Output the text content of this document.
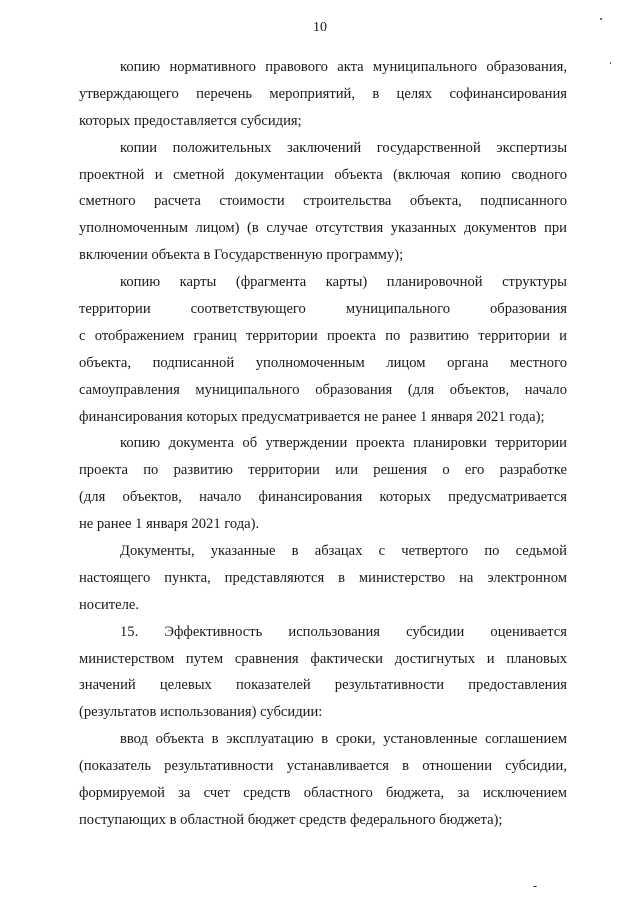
10
копию нормативного правового акта муниципального образования,
утверждающего перечень мероприятий, в целях софинансирования
которых предоставляется субсидия;
копии положительных заключений государственной экспертизы
проектной и сметной документации объекта (включая копию сводного
сметного расчета стоимости строительства объекта, подписанного
уполномоченным лицом) (в случае отсутствия указанных документов при
включении объекта в Государственную программу);
копию карты (фрагмента карты) планировочной структуры
территории соответствующего муниципального образования
с отображением границ территории проекта по развитию территории и
объекта, подписанной уполномоченным лицом органа местного
самоуправления муниципального образования (для объектов, начало
финансирования которых предусматривается не ранее 1 января 2021 года);
копию документа об утверждении проекта планировки территории
проекта по развитию территории или решения о его разработке
(для объектов, начало финансирования которых предусматривается
не ранее 1 января 2021 года).
Документы, указанные в абзацах с четвертого по седьмой
настоящего пункта, представляются в министерство на электронном
носителе.
15. Эффективность использования субсидии оценивается
министерством путем сравнения фактически достигнутых и плановых
значений целевых показателей результативности предоставления
(результатов использования) субсидии:
ввод объекта в эксплуатацию в сроки, установленные соглашением
(показатель результативности устанавливается в отношении субсидии,
формируемой за счет средств областного бюджета, за исключением
поступающих в областной бюджет средств федерального бюджета);
